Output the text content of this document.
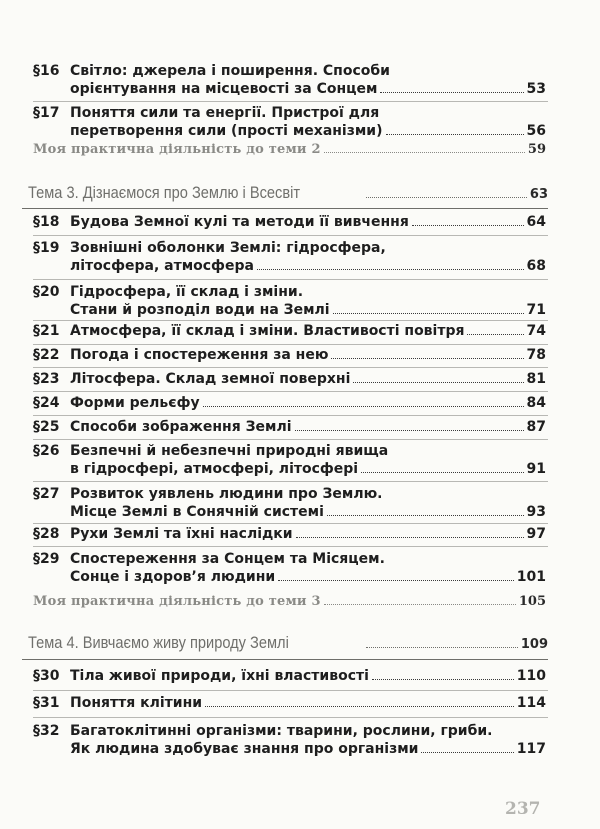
§16 Світло: джерела і поширення. Способи
орієнтування на місцевості за Сонцем	53
§17 Поняття сили та енергії. Пристрої для
перетворення сили (прості механізми)	56
Моя практична діяльність до теми 2	59
Тема 3. Дізнаємося про Землю і Всесвіт	63
§18 Будова Земної кулі та методи її вивчення	64
§19 Зовнішні оболонки Землі: гідросфера,
літосфера, атмосфера	68
§20 Гідросфера, її склад і зміни.
Стани й розподіл води на Землі	71
§21 Атмосфера, її склад і зміни. Властивості повітря	74
§22 Погода і спостереження за нею	78
§23 Літосфера. Склад земної поверхні	81
§24 Форми рельєфу	84
§25 Способи зображення Землі	87
§26 Безпечні й небезпечні природні явища
в гідросфері, атмосфері, літосфері	91
§27 Розвиток уявлень людини про Землю.
Місце Землі в Сонячній системі	93
§28 Рухи Землі та їхні наслідки	97
§29 Спостереження за Сонцем та Місяцем.
Сонце і здоров’я людини	101
Моя практична діяльність до теми 3	105
Тема 4. Вивчаємо живу природу Землі	109
§30 Тіла живої природи, їхні властивості	110
§31 Поняття клітини	114
§32 Багатоклітинні організми: тварини, рослини, гриби.
Як людина здобуває знання про організми	117
237
